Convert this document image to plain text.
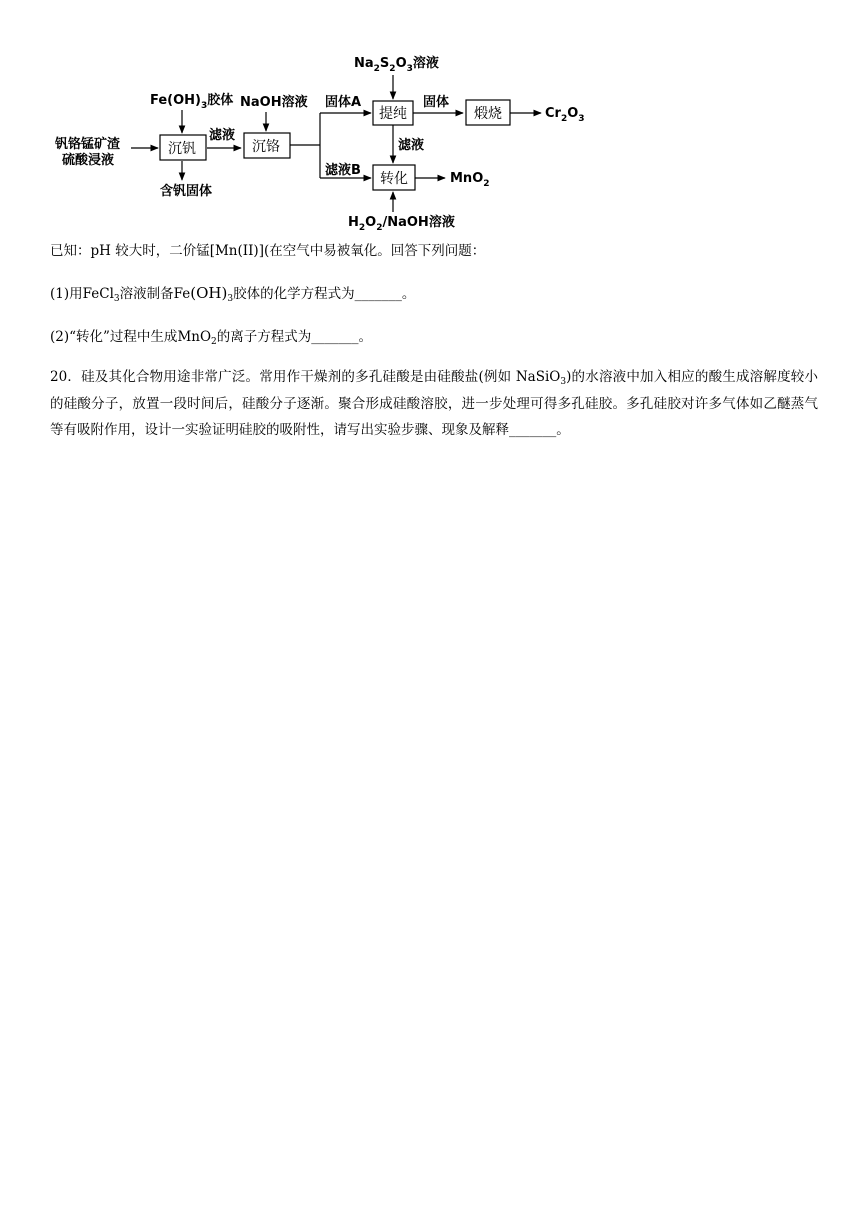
钒铬锰矿渣
硫酸浸液
沉钒
$Fe(OH)_3$胶体
含钒固体
滤液
沉铬
NaOH溶液 固体A
滤液B
$Na_2S_2O_3$溶液
提纯
固体
煅烧	$Cr_2O_3$
滤液
转化	MnO$_2$
$H_2O_2$/NaOH溶液
已知：pH 较大时，二价锰[Mn(II)](在空气中易被氧化。回答下列问题：
(1)用FeCl$_3$溶液制备$Fe(OH)_3$胶体的化学方程式为_______。
(2)“转化”过程中生成MnO$_2$的离子方程式为_______。
20．硅及其化合物用途非常广泛。常用作干燥剂的多孔硅酸是由硅酸盐(例如 NaSiO$_3$)的水溶液中加入相应的酸生成溶解度较小的硅酸分子，放置一段时间后，硅酸分子逐渐。聚合形成硅酸溶胶，进一步处理可得多孔硅胶。多孔硅胶对许多气体如乙醚蒸气等有吸附作用，设计一实验证明硅胶的吸附性，请写出实验步骤、现象及解释_______。
